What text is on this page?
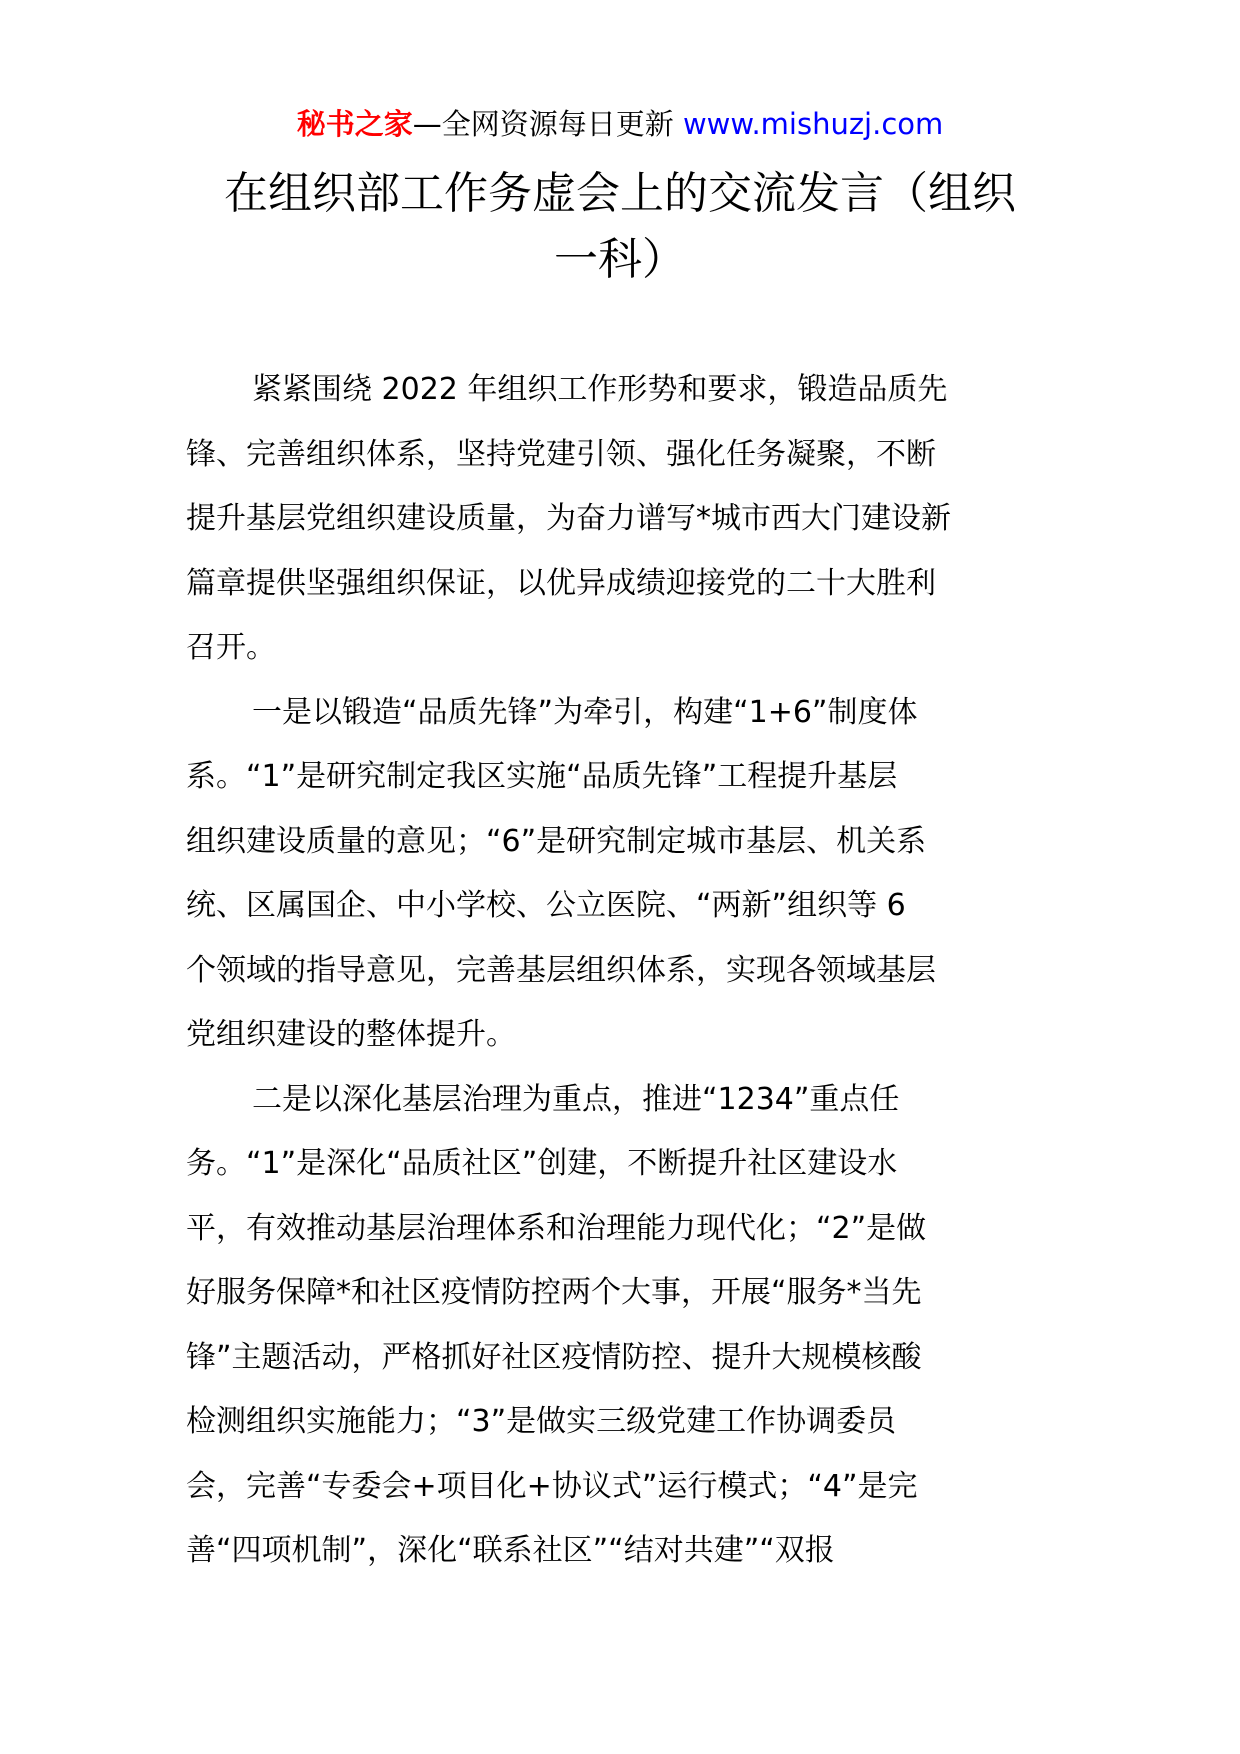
秘书之家—全网资源每日更新 www.mishuzj.com
在组织部工作务虚会上的交流发言（组织
一科）

紧紧围绕 2022 年组织工作形势和要求，锻造品质先
锋、完善组织体系，坚持党建引领、强化任务凝聚，不断
提升基层党组织建设质量，为奋力谱写*城市西大门建设新
篇章提供坚强组织保证，以优异成绩迎接党的二十大胜利
召开。

一是以锻造“品质先锋”为牵引，构建“1+6”制度体
系。“1”是研究制定我区实施“品质先锋”工程提升基层
组织建设质量的意见；“6”是研究制定城市基层、机关系
统、区属国企、中小学校、公立医院、“两新”组织等 6
个领域的指导意见，完善基层组织体系，实现各领域基层
党组织建设的整体提升。

二是以深化基层治理为重点，推进“1234”重点任
务。“1”是深化“品质社区”创建，不断提升社区建设水
平，有效推动基层治理体系和治理能力现代化；“2”是做
好服务保障*和社区疫情防控两个大事，开展“服务*当先
锋”主题活动，严格抓好社区疫情防控、提升大规模核酸
检测组织实施能力；“3”是做实三级党建工作协调委员
会，完善“专委会+项目化+协议式”运行模式；“4”是完
善“四项机制”，深化“联系社区”“结对共建”“双报
